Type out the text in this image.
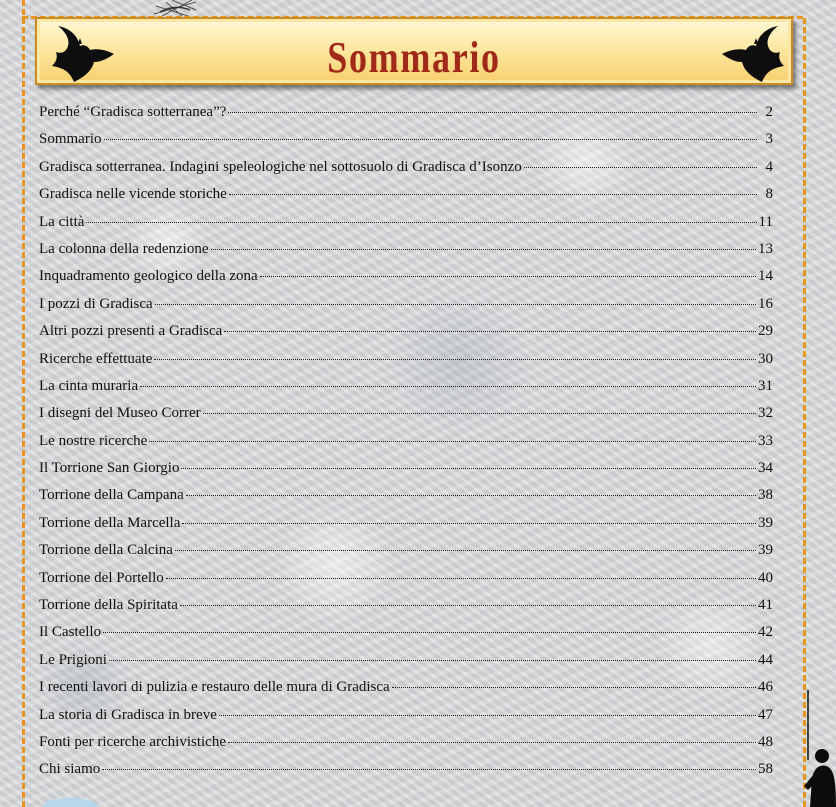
Sommario
Perché “Gradisca sotterranea”?	2
Sommario	3
Gradisca sotterranea. Indagini speleologiche nel sottosuolo di Gradisca d’Isonzo	4
Gradisca nelle vicende storiche	8
La città	11
La colonna della redenzione	13
Inquadramento geologico della zona	14
I pozzi di Gradisca	16
Altri pozzi presenti a Gradisca	29
Ricerche effettuate	30
La cinta muraria	31
I disegni del Museo Correr	32
Le nostre ricerche	33
Il Torrione San Giorgio	34
Torrione della Campana	38
Torrione della Marcella	39
Torrione della Calcina	39
Torrione del Portello	40
Torrione della Spiritata	41
Il Castello	42
Le Prigioni	44
I recenti lavori di pulizia e restauro delle mura di Gradisca	46
La storia di Gradisca in breve	47
Fonti per ricerche archivistiche	48
Chi siamo	58
